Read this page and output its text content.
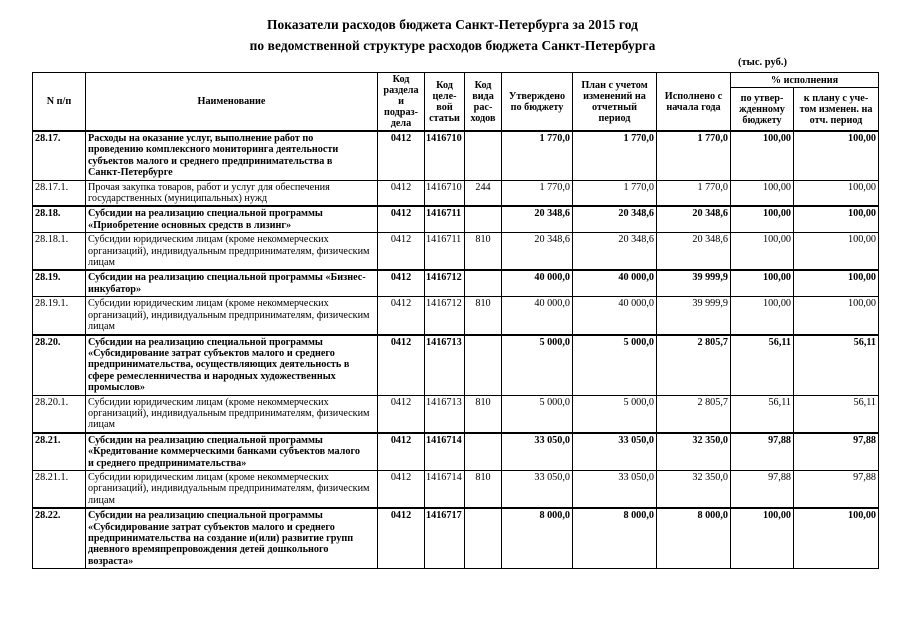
Показатели расходов бюджета Санкт-Петербурга за 2015 год
по ведомственной структуре расходов бюджета Санкт-Петербурга
(тыс. руб.)
N п/п	Наименование	Код раздела и подраз- дела	Код целе- вой статьи	Код вида рас- ходов	Утверждено по бюджету	План с учетом изменений на отчетный период	Исполнено с начала года	% исполнения	
								по утвер- жденному бюджету	к плану с уче- том изменен. на отч. период
28.17.	Расходы на оказание услуг, выполнение работ по проведению комплексного мониторинга деятельности субъектов малого и среднего предпринимательства в Санкт-Петербурге	0412	1416710		1 770,0	1 770,0	1 770,0	100,00	100,00
28.17.1.	Прочая закупка товаров, работ и услуг для обеспечения государственных (муниципальных) нужд	0412	1416710	244	1 770,0	1 770,0	1 770,0	100,00	100,00
28.18.	Субсидии на реализацию специальной программы «Приобретение основных средств в лизинг»	0412	1416711		20 348,6	20 348,6	20 348,6	100,00	100,00
28.18.1.	Субсидии юридическим лицам (кроме некоммерческих организаций), индивидуальным предпринимателям, физическим лицам	0412	1416711	810	20 348,6	20 348,6	20 348,6	100,00	100,00
28.19.	Субсидии на реализацию специальной программы «Бизнес-инкубатор»	0412	1416712		40 000,0	40 000,0	39 999,9	100,00	100,00
28.19.1.	Субсидии юридическим лицам (кроме некоммерческих организаций), индивидуальным предпринимателям, физическим лицам	0412	1416712	810	40 000,0	40 000,0	39 999,9	100,00	100,00
28.20.	Субсидии на реализацию специальной программы «Субсидирование затрат субъектов малого и среднего предпринимательства, осуществляющих деятельность в сфере ремесленничества и народных художественных промыслов»	0412	1416713		5 000,0	5 000,0	2 805,7	56,11	56,11
28.20.1.	Субсидии юридическим лицам (кроме некоммерческих организаций), индивидуальным предпринимателям, физическим лицам	0412	1416713	810	5 000,0	5 000,0	2 805,7	56,11	56,11
28.21.	Субсидии на реализацию специальной программы «Кредитование коммерческими банками субъектов малого и среднего предпринимательства»	0412	1416714		33 050,0	33 050,0	32 350,0	97,88	97,88
28.21.1.	Субсидии юридическим лицам (кроме некоммерческих организаций), индивидуальным предпринимателям, физическим лицам	0412	1416714	810	33 050,0	33 050,0	32 350,0	97,88	97,88
28.22.	Субсидии на реализацию специальной программы «Субсидирование затрат субъектов малого и среднего предпринимательства на создание и(или) развитие групп дневного времяпрепровождения детей дошкольного возраста»	0412	1416717		8 000,0	8 000,0	8 000,0	100,00	100,00
